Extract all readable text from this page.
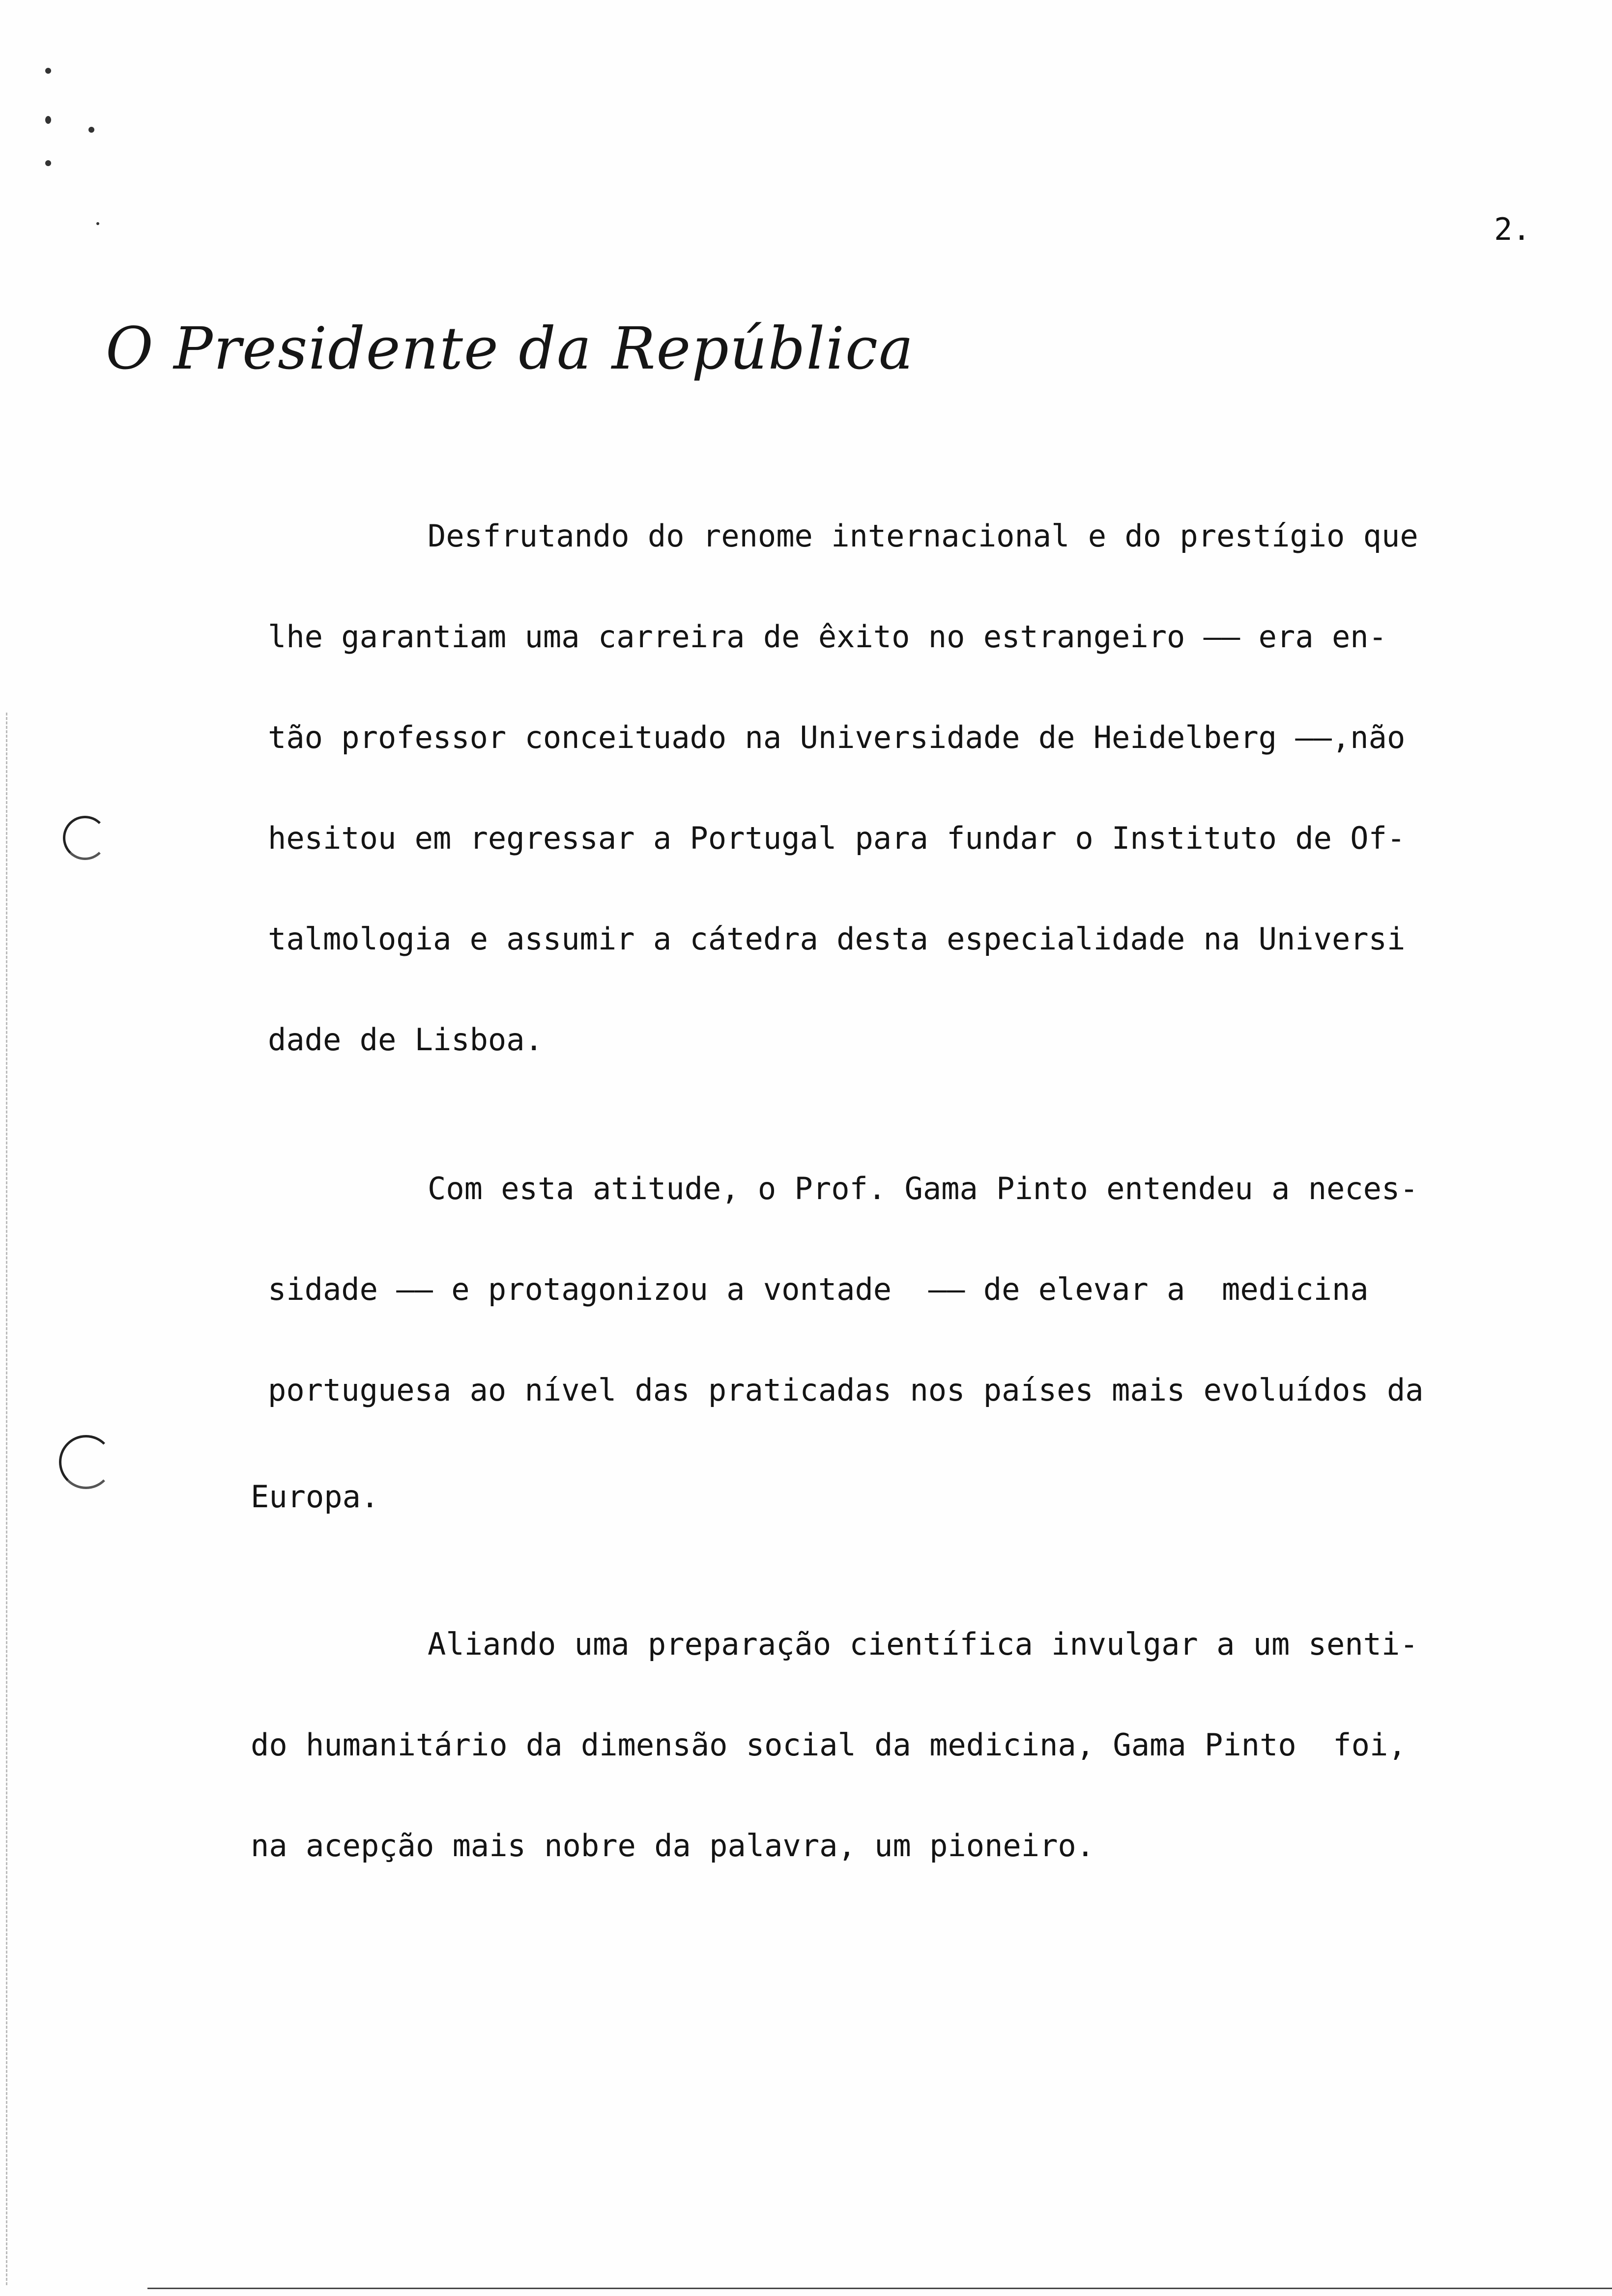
2.
O Presidente da República
Desfrutando do renome internacional e do prestígio que
lhe garantiam uma carreira de êxito no estrangeiro —— era en-
tão professor conceituado na Universidade de Heidelberg ——,não
hesitou em regressar a Portugal para fundar o Instituto de Of-
talmologia e assumir a cátedra desta especialidade na Universi
dade de Lisboa.
Com esta atitude, o Prof. Gama Pinto entendeu a neces-
sidade —— e protagonizou a vontade  —— de elevar a  medicina
portuguesa ao nível das praticadas nos países mais evoluídos da
Europa.
Aliando uma preparação científica invulgar a um senti-
do humanitário da dimensão social da medicina, Gama Pinto  foi,
na acepção mais nobre da palavra, um pioneiro.
